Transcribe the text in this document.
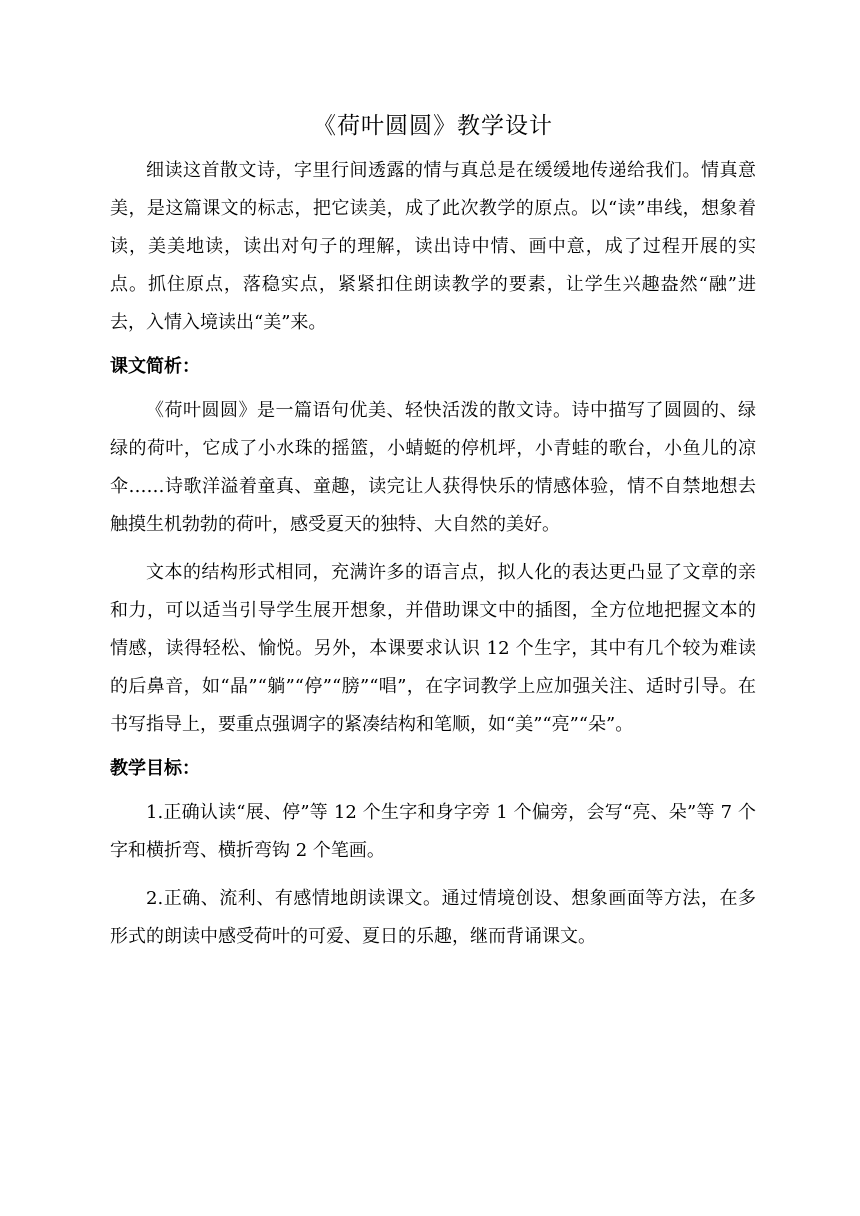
《荷叶圆圆》教学设计

细读这首散文诗，字里行间透露的情与真总是在缓缓地传递给我们。情真意美，是这篇课文的标志，把它读美，成了此次教学的原点。以“读”串线，想象着读，美美地读，读出对句子的理解，读出诗中情、画中意，成了过程开展的实点。抓住原点，落稳实点，紧紧扣住朗读教学的要素，让学生兴趣盎然“融”进去，入情入境读出“美”来。

课文简析：

《荷叶圆圆》是一篇语句优美、轻快活泼的散文诗。诗中描写了圆圆的、绿绿的荷叶，它成了小水珠的摇篮，小蜻蜓的停机坪，小青蛙的歌台，小鱼儿的凉伞……诗歌洋溢着童真、童趣，读完让人获得快乐的情感体验，情不自禁地想去 触摸生机勃勃的荷叶，感受夏天的独特、大自然的美好。

文本的结构形式相同，充满许多的语言点，拟人化的表达更凸显了文章的亲和力，可以适当引导学生展开想象，并借助课文中的插图，全方位地把握文本的情感，读得轻松、愉悦。另外，本课要求认识 12 个生字，其中有几个较为难读的后鼻音，如“晶”“躺”“停”“膀”“唱”，在字词教学上应加强关注、适时引导。在书写指导上，要重点强调字的紧凑结构和笔顺，如“美”“亮”“朵”。

教学目标：

1.正确认读“展、停”等 12 个生字和身字旁 1 个偏旁，会写“亮、朵”等 7 个字和横折弯、横折弯钩 2 个笔画。

2.正确、流利、有感情地朗读课文。通过情境创设、想象画面等方法，在多形式的朗读中感受荷叶的可爱、夏日的乐趣，继而背诵课文。
